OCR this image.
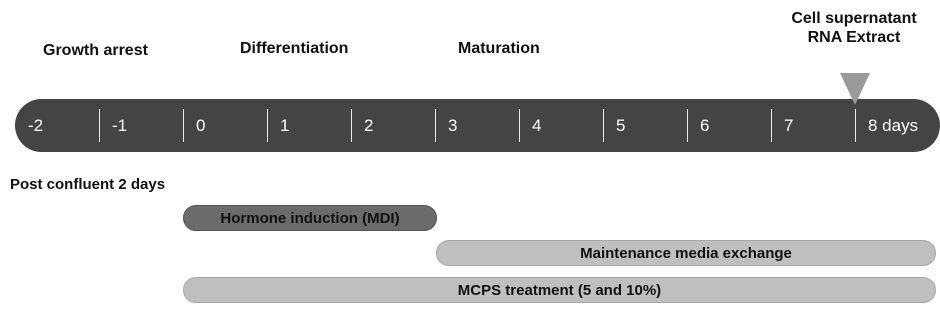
Growth arrest	Differentiation	Maturation
Cell supernatant
RNA Extract
-2	-1	0	1	2	3	4	5	6	7	8 days
Post confluent 2 days
Hormone induction (MDI)
Maintenance media exchange
MCPS treatment (5 and 10%)
